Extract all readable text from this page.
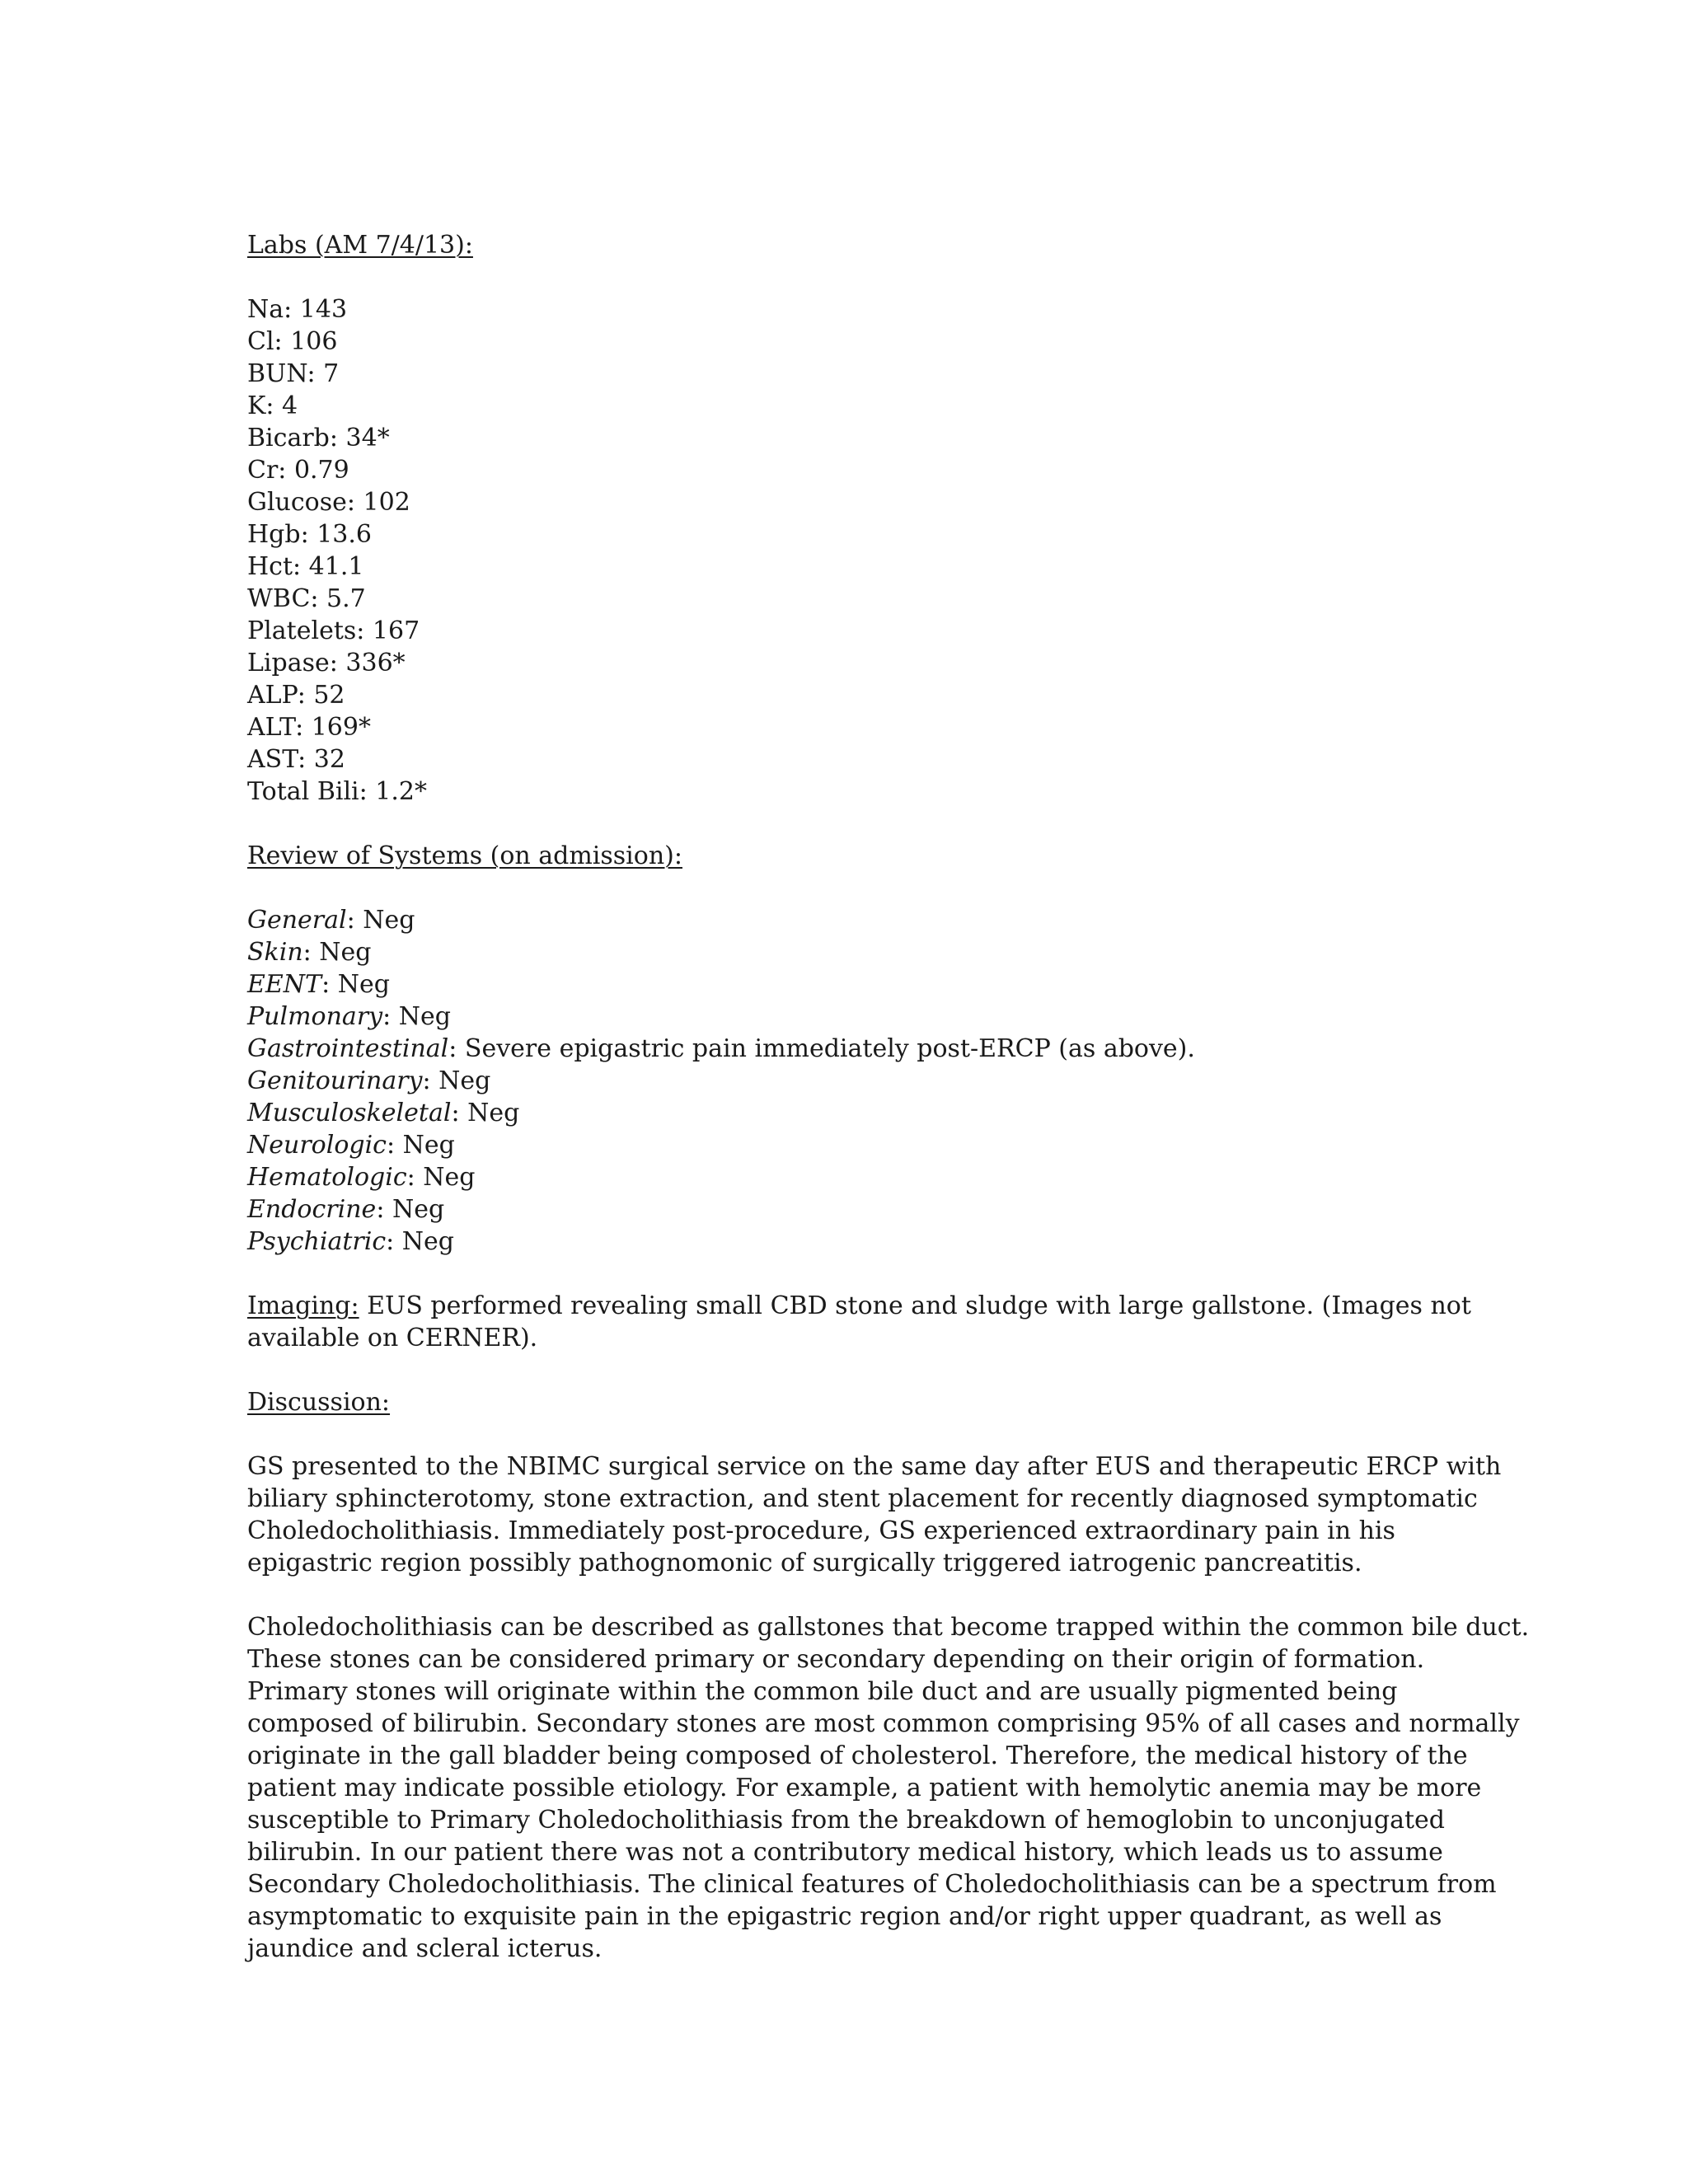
Labs (AM 7/4/13):
Na: 143
Cl: 106
BUN: 7
K: 4
Bicarb: 34*
Cr: 0.79
Glucose: 102
Hgb: 13.6
Hct: 41.1
WBC: 5.7
Platelets: 167
Lipase: 336*
ALP: 52
ALT: 169*
AST: 32
Total Bili: 1.2*
Review of Systems (on admission):
General: Neg
Skin: Neg
EENT: Neg
Pulmonary: Neg
Gastrointestinal: Severe epigastric pain immediately post-ERCP (as above).
Genitourinary: Neg
Musculoskeletal: Neg
Neurologic: Neg
Hematologic: Neg
Endocrine: Neg
Psychiatric: Neg
Imaging: EUS performed revealing small CBD stone and sludge with large gallstone. (Images not
available on CERNER).
Discussion:
GS presented to the NBIMC surgical service on the same day after EUS and therapeutic ERCP with
biliary sphincterotomy, stone extraction, and stent placement for recently diagnosed symptomatic
Choledocholithiasis. Immediately post-procedure, GS experienced extraordinary pain in his
epigastric region possibly pathognomonic of surgically triggered iatrogenic pancreatitis.
Choledocholithiasis can be described as gallstones that become trapped within the common bile duct.
These stones can be considered primary or secondary depending on their origin of formation.
Primary stones will originate within the common bile duct and are usually pigmented being
composed of bilirubin. Secondary stones are most common comprising 95% of all cases and normally
originate in the gall bladder being composed of cholesterol. Therefore, the medical history of the
patient may indicate possible etiology. For example, a patient with hemolytic anemia may be more
susceptible to Primary Choledocholithiasis from the breakdown of hemoglobin to unconjugated
bilirubin. In our patient there was not a contributory medical history, which leads us to assume
Secondary Choledocholithiasis. The clinical features of Choledocholithiasis can be a spectrum from
asymptomatic to exquisite pain in the epigastric region and/or right upper quadrant, as well as
jaundice and scleral icterus.
